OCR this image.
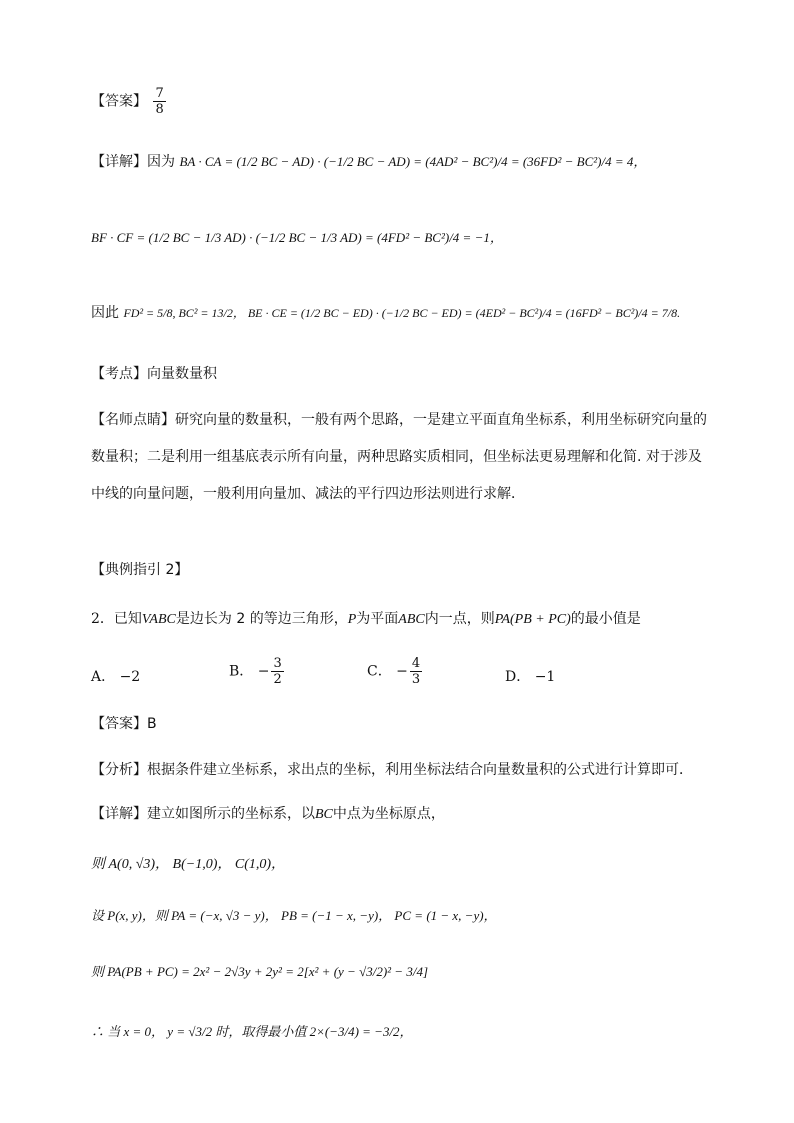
【答案】 $\frac{7}{8}$
【详解】因为 BA · CA = (1/2 BC − AD) · (−1/2 BC − AD) = (4AD² − BC²)/4 = (36FD² − BC²)/4 = 4，
BF · CF = (1/2 BC − 1/3 AD) · (−1/2 BC − 1/3 AD) = (4FD² − BC²)/4 = −1，
因此 FD² = 5/8, BC² = 13/2， BE · CE = (1/2 BC − ED) · (−1/2 BC − ED) = (4ED² − BC²)/4 = (16FD² − BC²)/4 = 7/8.
【考点】向量数量积
【名师点睛】研究向量的数量积，一般有两个思路，一是建立平面直角坐标系，利用坐标研究向量的数量积；二是利用一组基底表示所有向量，两种思路实质相同，但坐标法更易理解和化简. 对于涉及中线的向量问题，一般利用向量加、减法的平行四边形法则进行求解．
【典例指引 2】
2．已知VABC是边长为 2 的等边三角形，P为平面ABC内一点，则PA(PB + PC)的最小值是
A． −2	B． − $\frac{3}{2}$	C． − $\frac{4}{3}$	D． −1
【答案】B
【分析】根据条件建立坐标系，求出点的坐标，利用坐标法结合向量数量积的公式进行计算即可．
【详解】建立如图所示的坐标系，以BC中点为坐标原点，
则 A(0, √3)， B(−1,0)， C(1,0)，
设 P(x, y)，则 PA = (−x, √3 − y)， PB = (−1 − x, −y)， PC = (1 − x, −y)，
则 PA(PB + PC) = 2x² − 2√3y + 2y² = 2[x² + (y − √3/2)² − 3/4]
∴ 当 x = 0， y = √3/2 时，取得最小值 2×(−3/4) = −3/2，
